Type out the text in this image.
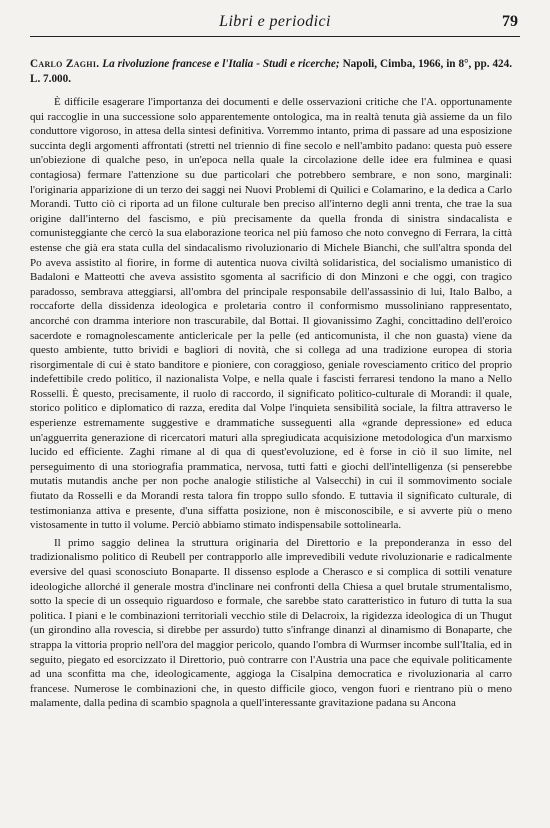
Libri e periodici	79
Carlo Zaghi. La rivoluzione francese e l'Italia - Studi e ricerche; Napoli, Cimba, 1966, in 8°, pp. 424. L. 7.000.

È difficile esagerare l'importanza dei documenti e delle osservazioni critiche che l'A. opportunamente qui raccoglie in una successione solo apparentemente ontologica, ma in realtà tenuta già assieme da un filo conduttore vigoroso, in attesa della sintesi definitiva. Vorremmo intanto, prima di passare ad una esposizione succinta degli argomenti affrontati (stretti nel triennio di fine secolo e nell'ambito padano: questa può essere un'obiezione di qualche peso, in un'epoca nella quale la circolazione delle idee era fulminea e quasi contagiosa) fermare l'attenzione su due particolari che potrebbero sembrare, e non sono, marginali: l'originaria apparizione di un terzo dei saggi nei Nuovi Problemi di Quilici e Colamarino, e la dedica a Carlo Morandi. Tutto ciò ci riporta ad un filone culturale ben preciso all'interno degli anni trenta, che trae la sua origine dall'interno del fascismo, e più precisamente da quella fronda di sinistra sindacalista e comunisteggiante che cercò la sua elaborazione teorica nel più famoso che noto convegno di Ferrara, la città estense che già era stata culla del sindacalismo rivoluzionario di Michele Bianchi, che sull'altra sponda del Po aveva assistito al fiorire, in forme di autentica nuova civiltà solidaristica, del socialismo umanistico di Badaloni e Matteotti che aveva assistito sgomenta al sacrificio di don Minzoni e che oggi, con tragico paradosso, sembrava atteggiarsi, all'ombra del principale responsabile dell'assassinio di lui, Italo Balbo, a roccaforte della dissidenza ideologica e proletaria contro il conformismo mussoliniano rappresentato, ancorché con dramma interiore non trascurabile, dal Bottai. Il giovanissimo Zaghi, concittadino dell'eroico sacerdote e romagnolescamente anticlericale per la pelle (ed anticomunista, il che non guasta) viene da questo ambiente, tutto brividi e bagliori di novità, che si collega ad una tradizione europea di storia risorgimentale di cui è stato banditore e pioniere, con coraggioso, geniale rovesciamento critico del proprio indefettibile credo politico, il nazionalista Volpe, e nella quale i fascisti ferraresi tendono la mano a Nello Rosselli. È questo, precisamente, il ruolo di raccordo, il significato politico-culturale di Morandi: il quale, storico politico e diplomatico di razza, eredita dal Volpe l'inquieta sensibilità sociale, la filtra attraverso le esperienze estremamente suggestive e drammatiche susseguenti alla «grande depressione» ed educa un'agguerrita generazione di ricercatori maturi alla spregiudicata acquisizione metodologica d'un marxismo lucido ed efficiente. Zaghi rimane al di qua di quest'evoluzione, ed è forse in ciò il suo limite, nel perseguimento di una storiografia prammatica, nervosa, tutti fatti e giochi dell'intelligenza (si penserebbe mutatis mutandis anche per non poche analogie stilistiche al Valsecchi) in cui il sommovimento sociale fiutato da Rosselli e da Morandi resta talora fin troppo sullo sfondo. E tuttavia il significato culturale, di testimonianza attiva e presente, d'una siffatta posizione, non è misconoscibile, e si avverte più o meno vistosamente in tutto il volume. Perciò abbiamo stimato indispensabile sottolinearla.

Il primo saggio delinea la struttura originaria del Direttorio e la preponderanza in esso del tradizionalismo politico di Reubell per contrapporlo alle imprevedibili vedute rivoluzionarie e radicalmente eversive del quasi sconosciuto Bonaparte. Il dissenso esplode a Cherasco e si complica di sottili venature ideologiche allorché il generale mostra d'inclinare nei confronti della Chiesa a quel brutale strumentalismo, sotto la specie di un ossequio riguardoso e formale, che sarebbe stato caratteristico in futuro di tutta la sua politica. I piani e le combinazioni territoriali vecchio stile di Delacroix, la rigidezza ideologica di un Thugut (un girondino alla rovescia, si direbbe per assurdo) tutto s'infrange dinanzi al dinamismo di Bonaparte, che strappa la vittoria proprio nell'ora del maggior pericolo, quando l'ombra di Wurmser incombe sull'Italia, ed in seguito, piegato ed esorcizzato il Direttorio, può contrarre con l'Austria una pace che equivale politicamente ad una sconfitta ma che, ideologicamente, aggioga la Cisalpina democratica e rivoluzionaria al carro francese. Numerose le combinazioni che, in questo difficile gioco, vengon fuori e rientrano più o meno malamente, dalla pedina di scambio spagnola a quell'interessante gravitazione padana su Ancona
